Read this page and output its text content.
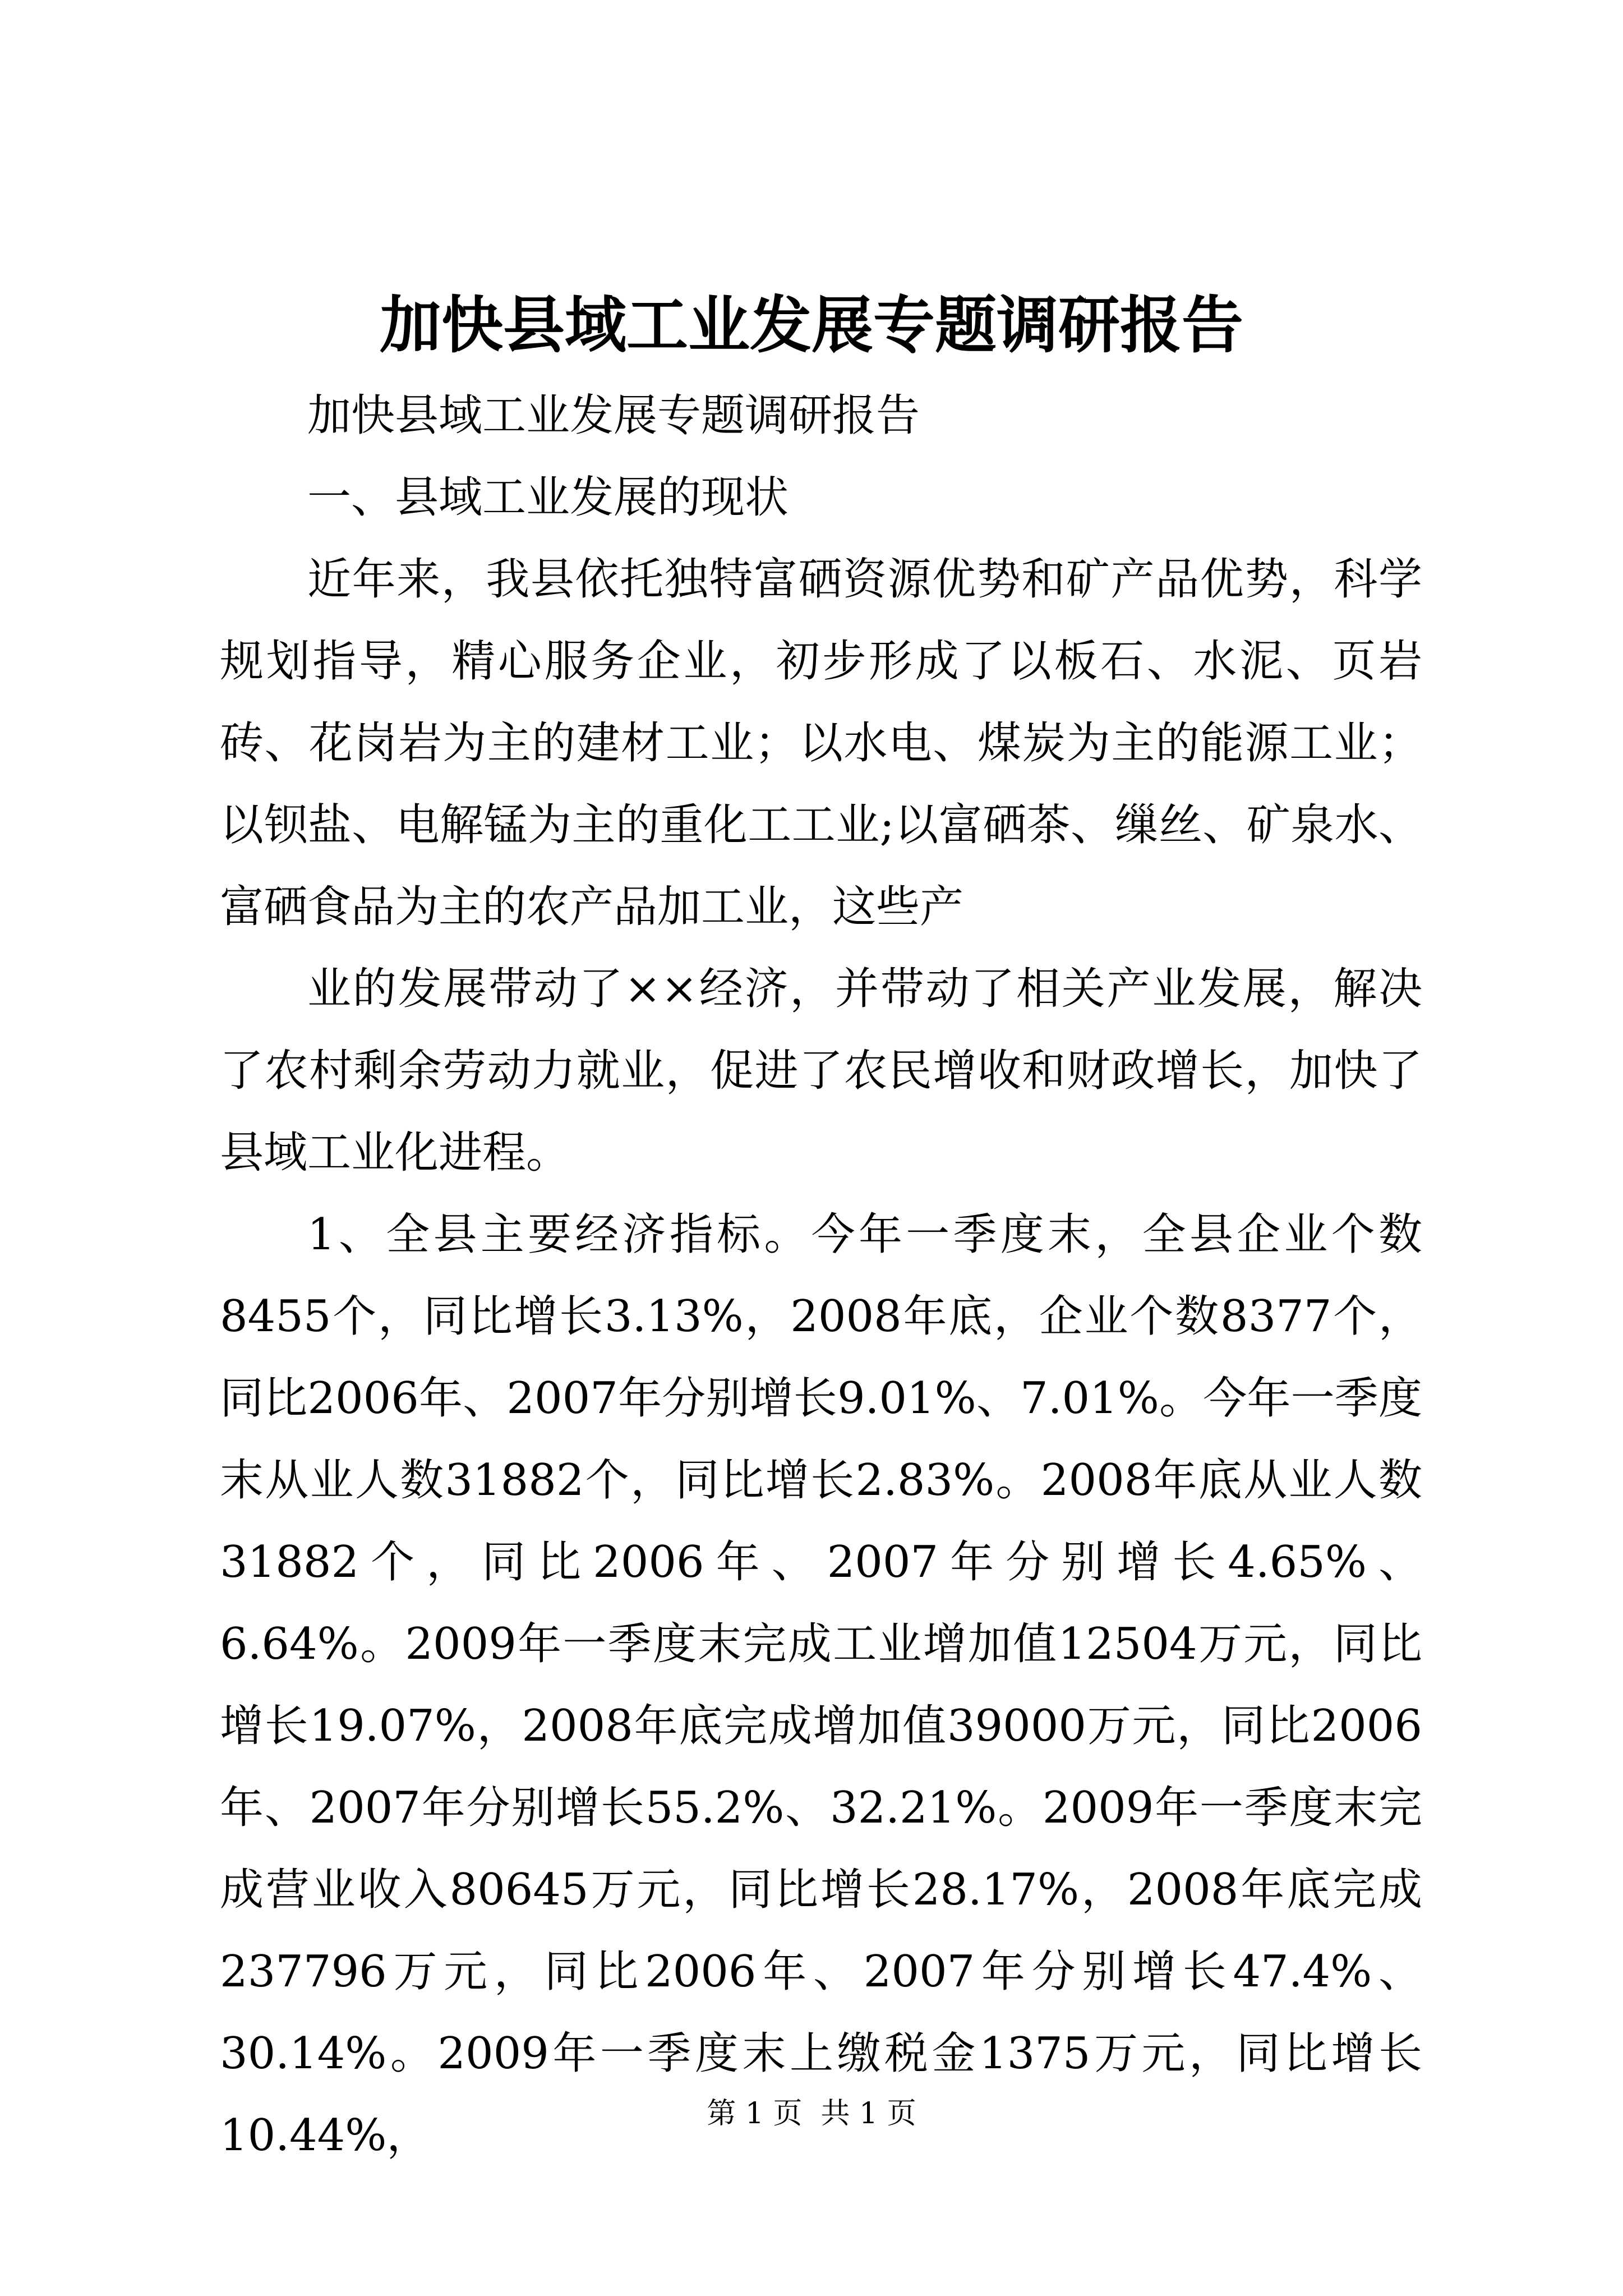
加快县域工业发展专题调研报告

加快县域工业发展专题调研报告

一、县域工业发展的现状

近年来，我县依托独特富硒资源优势和矿产品优势，科学规划指导，精心服务企业，初步形成了以板石、水泥、页岩砖、花岗岩为主的建材工业；以水电、煤炭为主的能源工业；以钡盐、电解锰为主的重化工工业;以富硒茶、缫丝、矿泉水、富硒食品为主的农产品加工业，这些产

业的发展带动了××经济，并带动了相关产业发展，解决了农村剩余劳动力就业，促进了农民增收和财政增长，加快了县域工业化进程。

1、全县主要经济指标。今年一季度末，全县企业个数8455个，同比增长3.13%，2008年底，企业个数8377个，同比2006年、2007年分别增长9.01%、7.01%。今年一季度末从业人数31882个，同比增长2.83%。2008年底从业人数31882个，同比2006年、2007年分别增长4.65%、6.64%。2009年一季度末完成工业增加值12504万元，同比增长19.07%，2008年底完成增加值39000万元，同比2006年、2007年分别增长55.2%、32.21%。2009年一季度末完成营业收入80645万元，同比增长28.17%，2008年底完成237796万元，同比2006年、2007年分别增长47.4%、30.14%。2009年一季度末上缴税金1375万元，同比增长10.44%，	第 1 页  共 1 页
